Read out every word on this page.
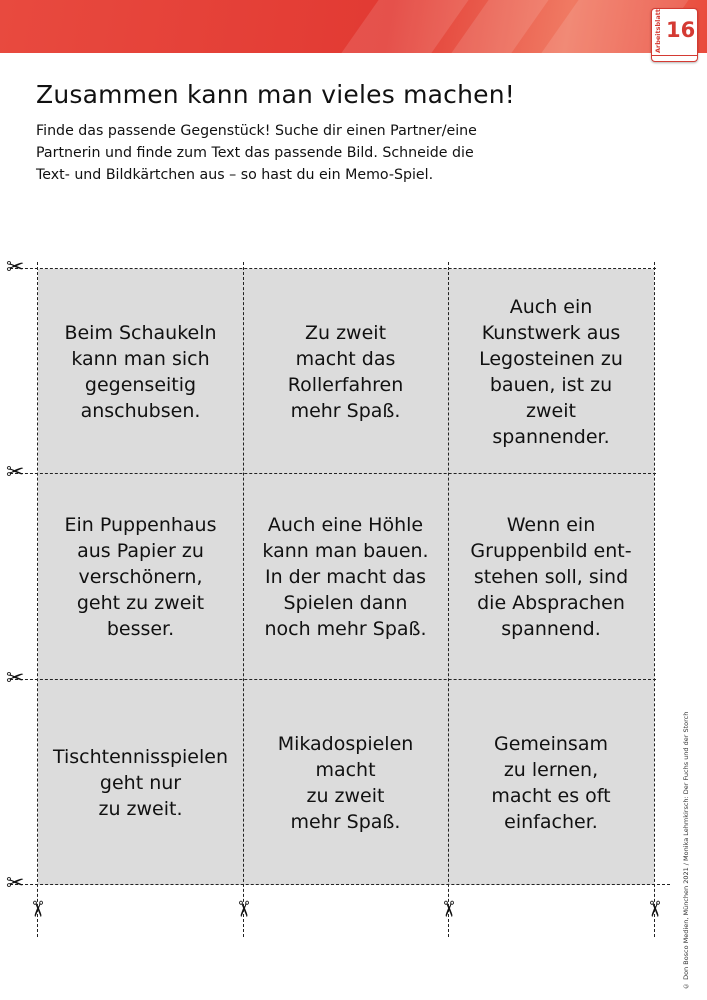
Arbeitsblatt 16
Zusammen kann man vieles machen!
Finde das passende Gegenstück! Suche dir einen Partner/eine
Partnerin und finde zum Text das passende Bild. Schneide die
Text- und Bildkärtchen aus – so hast du ein Memo-Spiel.
Beim Schaukeln
kann man sich
gegenseitig
anschubsen.
Zu zweit
macht das
Rollerfahren
mehr Spaß.
Auch ein
Kunstwerk aus
Legosteinen zu
bauen, ist zu
zweit
spannender.
Ein Puppenhaus
aus Papier zu
verschönern,
geht zu zweit
besser.
Auch eine Höhle
kann man bauen.
In der macht das
Spielen dann
noch mehr Spaß.
Wenn ein
Gruppenbild ent-
stehen soll, sind
die Absprachen
spannend.
Tischtennisspielen
geht nur
zu zweit.
Mikadospielen
macht
zu zweit
mehr Spaß.
Gemeinsam
zu lernen,
macht es oft
einfacher.
✂
✂
✂
✂
✂	✂	✂	✂ © Don Bosco Medien, München 2021 / Monika Lehmkirsch: Der Fuchs und der Storch
